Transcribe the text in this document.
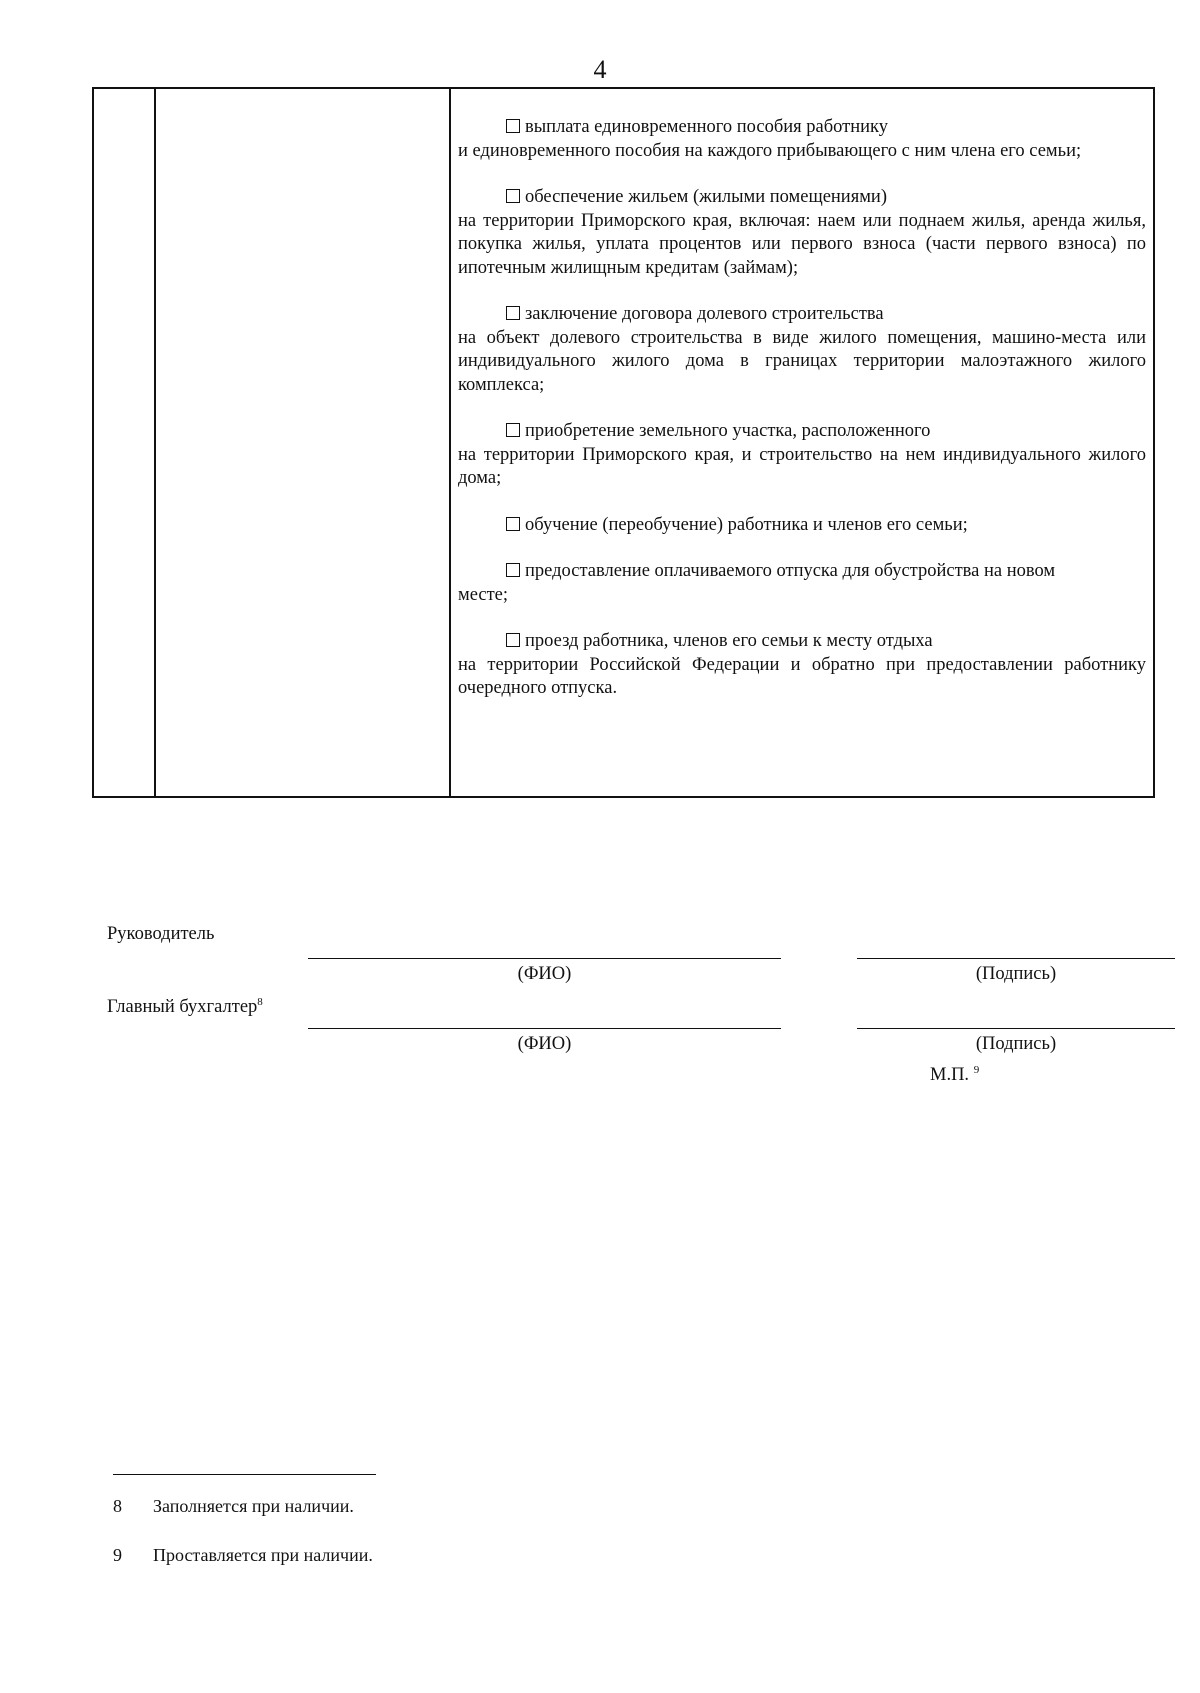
4
выплата единовременного пособия работнику
и единовременного пособия на каждого прибывающего с ним члена его семьи;
обеспечение жильем (жилыми помещениями)
на территории Приморского края, включая: наем или поднаем жилья, аренда жилья, покупка жилья, уплата процентов или первого взноса (части первого взноса) по ипотечным жилищным кредитам (займам);
заключение договора долевого строительства
на объект долевого строительства в виде жилого помещения, машино-места или индивидуального жилого дома в границах территории малоэтажного жилого комплекса;
приобретение земельного участка, расположенного
на территории Приморского края, и строительство на нем индивидуального жилого дома;
обучение (переобучение) работника и членов его семьи;
предоставление оплачиваемого отпуска для обустройства на новом
месте;
проезд работника, членов его семьи к месту отдыха
на территории Российской Федерации и обратно при предоставлении работнику очередного отпуска.
Руководитель
(ФИО)	(Подпись)
Главный бухгалтер$^8$
(ФИО)	(Подпись)
М.П. $^9$
8 Заполняется при наличии.
9 Проставляется при наличии.
